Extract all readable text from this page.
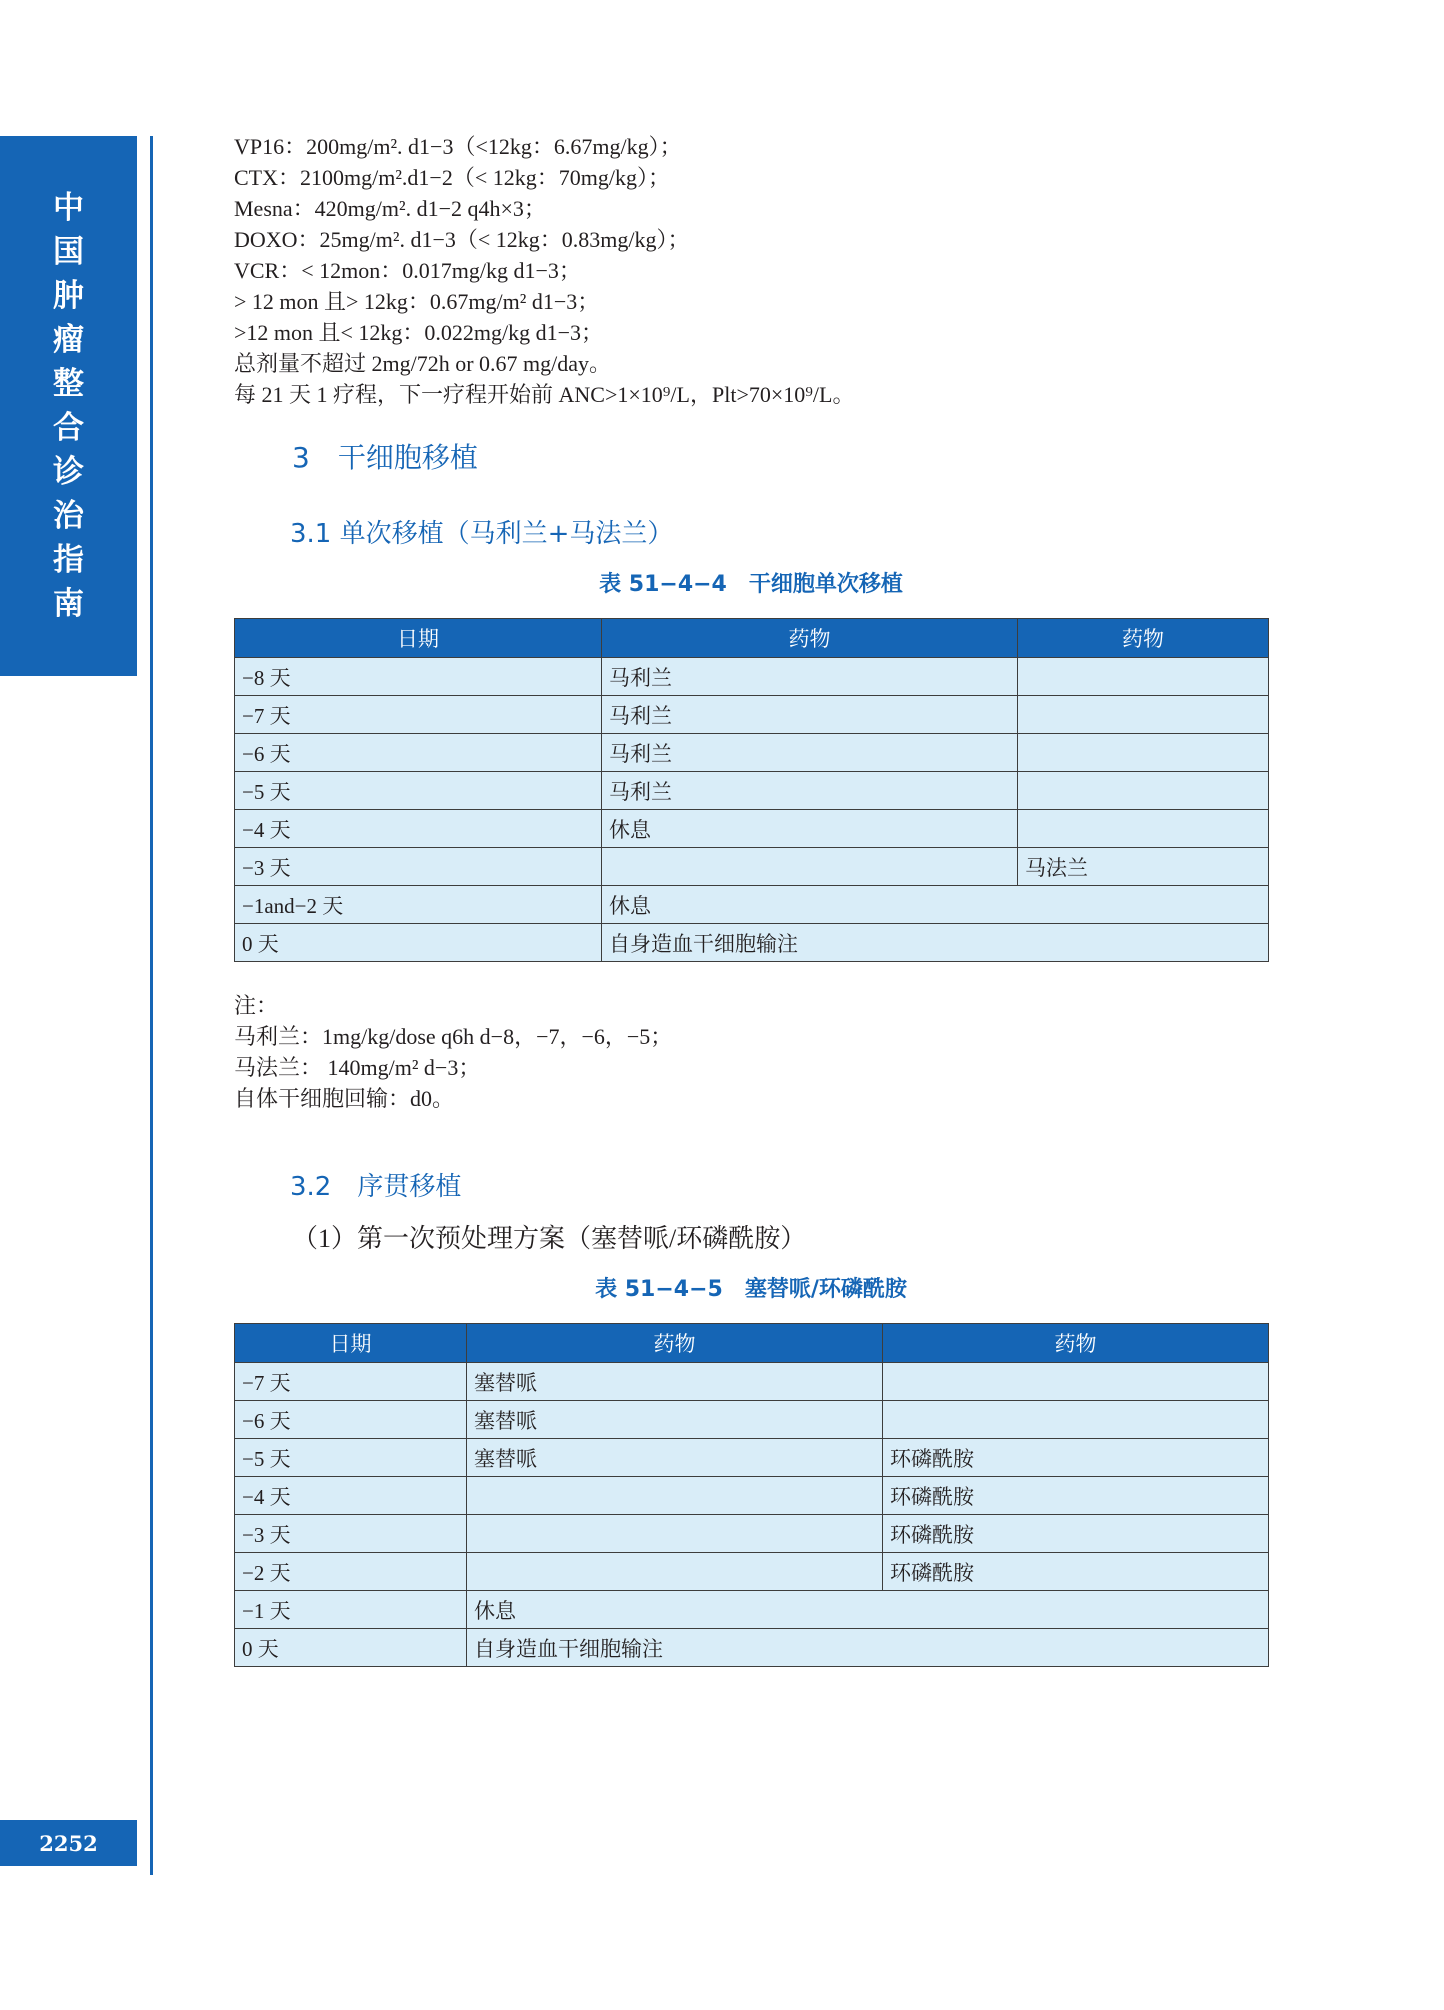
中
国
肿
瘤
整
合
诊
治
指
南
2252
VP16：200mg/m². d1−3（<12kg：6.67mg/kg）；
CTX：2100mg/m².d1−2（< 12kg：70mg/kg）；
Mesna：420mg/m². d1−2 q4h×3；
DOXO：25mg/m². d1−3（< 12kg：0.83mg/kg）；
VCR：< 12mon：0.017mg/kg d1−3；
> 12 mon 且> 12kg：0.67mg/m² d1−3；
>12 mon 且< 12kg：0.022mg/kg d1−3；
总剂量不超过 2mg/72h or 0.67 mg/day。
每 21 天 1 疗程，下一疗程开始前 ANC>1×10⁹/L，Plt>70×10⁹/L。
3　干细胞移植
3.1 单次移植（马利兰+马法兰）
表 51−4−4　干细胞单次移植
日期	药物	药物
−8 天	马利兰	
−7 天	马利兰	
−6 天	马利兰	
−5 天	马利兰	
−4 天	休息	
−3 天		马法兰
−1and−2 天	休息	
0 天	自身造血干细胞输注	
注：
马利兰：1mg/kg/dose q6h d−8，−7，−6，−5；
马法兰： 140mg/m² d−3；
自体干细胞回输：d0。
3.2　序贯移植
（1）第一次预处理方案（塞替哌/环磷酰胺）
表 51−4−5　塞替哌/环磷酰胺
日期	药物	药物
−7 天	塞替哌	
−6 天	塞替哌	
−5 天	塞替哌	环磷酰胺
−4 天		环磷酰胺
−3 天		环磷酰胺
−2 天		环磷酰胺
−1 天	休息	
0 天	自身造血干细胞输注	
